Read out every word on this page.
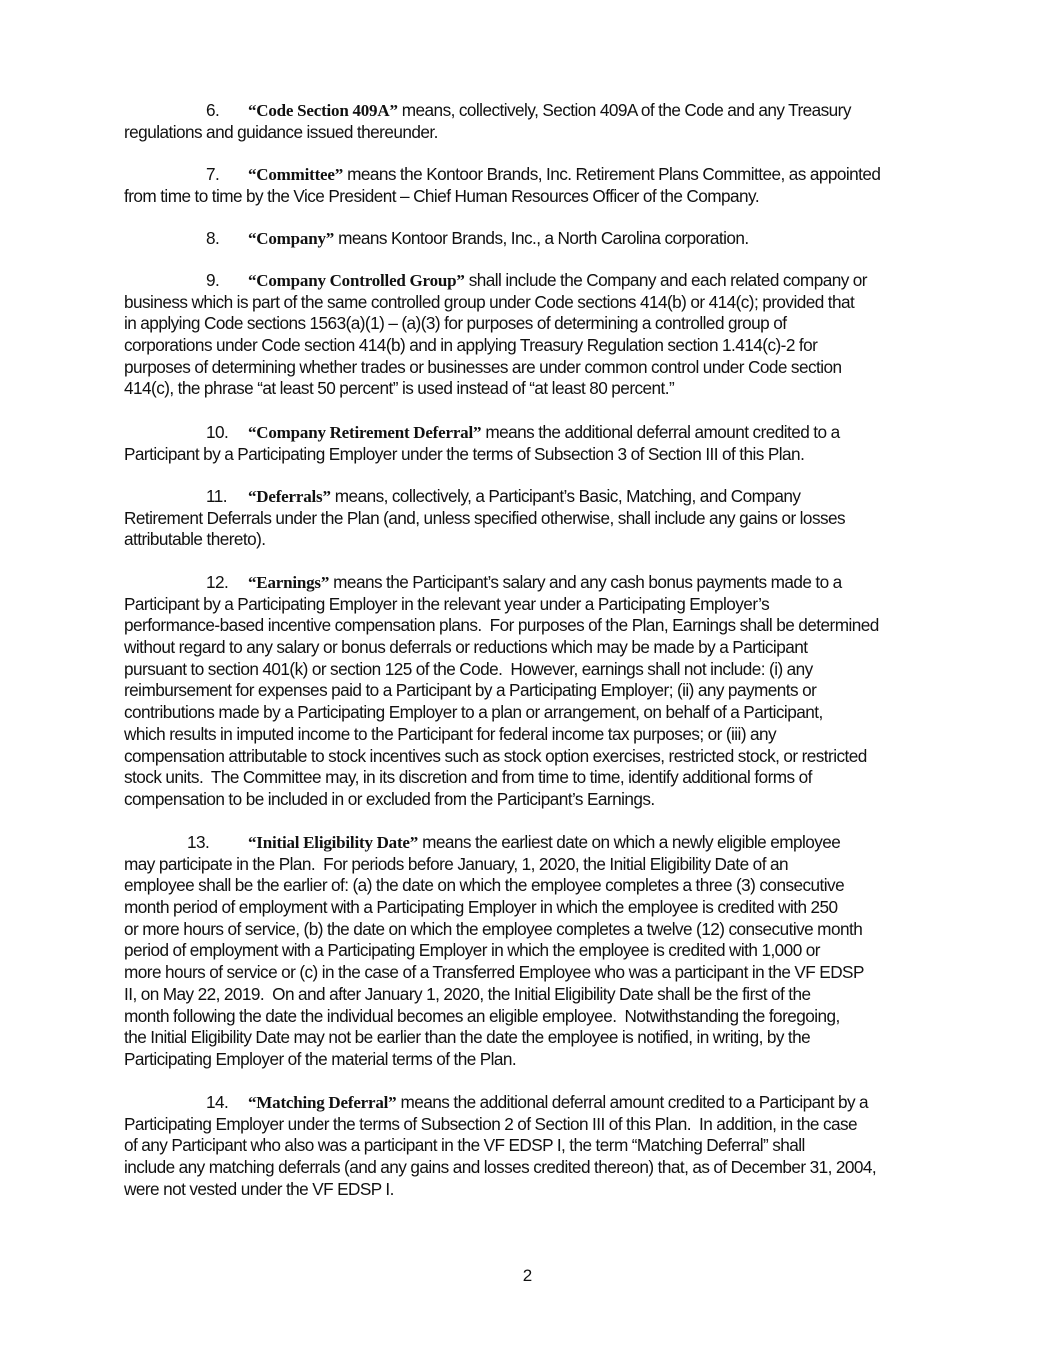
6. “Code Section 409A” means, collectively, Section 409A of the Code and any Treasury
regulations and guidance issued thereunder.
7. “Committee” means the Kontoor Brands, Inc. Retirement Plans Committee, as appointed
from time to time by the Vice President – Chief Human Resources Officer of the Company.
8. “Company” means Kontoor Brands, Inc., a North Carolina corporation.
9. “Company Controlled Group” shall include the Company and each related company or
business which is part of the same controlled group under Code sections 414(b) or 414(c); provided that
in applying Code sections 1563(a)(1) – (a)(3) for purposes of determining a controlled group of
corporations under Code section 414(b) and in applying Treasury Regulation section 1.414(c)-2 for
purposes of determining whether trades or businesses are under common control under Code section
414(c), the phrase “at least 50 percent” is used instead of “at least 80 percent.”
10. “Company Retirement Deferral” means the additional deferral amount credited to a
Participant by a Participating Employer under the terms of Subsection 3 of Section III of this Plan.
11. “Deferrals” means, collectively, a Participant’s Basic, Matching, and Company
Retirement Deferrals under the Plan (and, unless specified otherwise, shall include any gains or losses
attributable thereto).
12. “Earnings” means the Participant’s salary and any cash bonus payments made to a
Participant by a Participating Employer in the relevant year under a Participating Employer’s
performance-based incentive compensation plans.  For purposes of the Plan, Earnings shall be determined
without regard to any salary or bonus deferrals or reductions which may be made by a Participant
pursuant to section 401(k) or section 125 of the Code.  However, earnings shall not include: (i) any
reimbursement for expenses paid to a Participant by a Participating Employer; (ii) any payments or
contributions made by a Participating Employer to a plan or arrangement, on behalf of a Participant,
which results in imputed income to the Participant for federal income tax purposes; or (iii) any
compensation attributable to stock incentives such as stock option exercises, restricted stock, or restricted
stock units.  The Committee may, in its discretion and from time to time, identify additional forms of
compensation to be included in or excluded from the Participant’s Earnings.
13. “Initial Eligibility Date” means the earliest date on which a newly eligible employee
may participate in the Plan.  For periods before January, 1, 2020, the Initial Eligibility Date of an
employee shall be the earlier of: (a) the date on which the employee completes a three (3) consecutive
month period of employment with a Participating Employer in which the employee is credited with 250
or more hours of service, (b) the date on which the employee completes a twelve (12) consecutive month
period of employment with a Participating Employer in which the employee is credited with 1,000 or
more hours of service or (c) in the case of a Transferred Employee who was a participant in the VF EDSP
II, on May 22, 2019.  On and after January 1, 2020, the Initial Eligibility Date shall be the first of the
month following the date the individual becomes an eligible employee.  Notwithstanding the foregoing,
the Initial Eligibility Date may not be earlier than the date the employee is notified, in writing, by the
Participating Employer of the material terms of the Plan.
14. “Matching Deferral” means the additional deferral amount credited to a Participant by a
Participating Employer under the terms of Subsection 2 of Section III of this Plan.  In addition, in the case
of any Participant who also was a participant in the VF EDSP I, the term “Matching Deferral” shall
include any matching deferrals (and any gains and losses credited thereon) that, as of December 31, 2004,
were not vested under the VF EDSP I.
2
